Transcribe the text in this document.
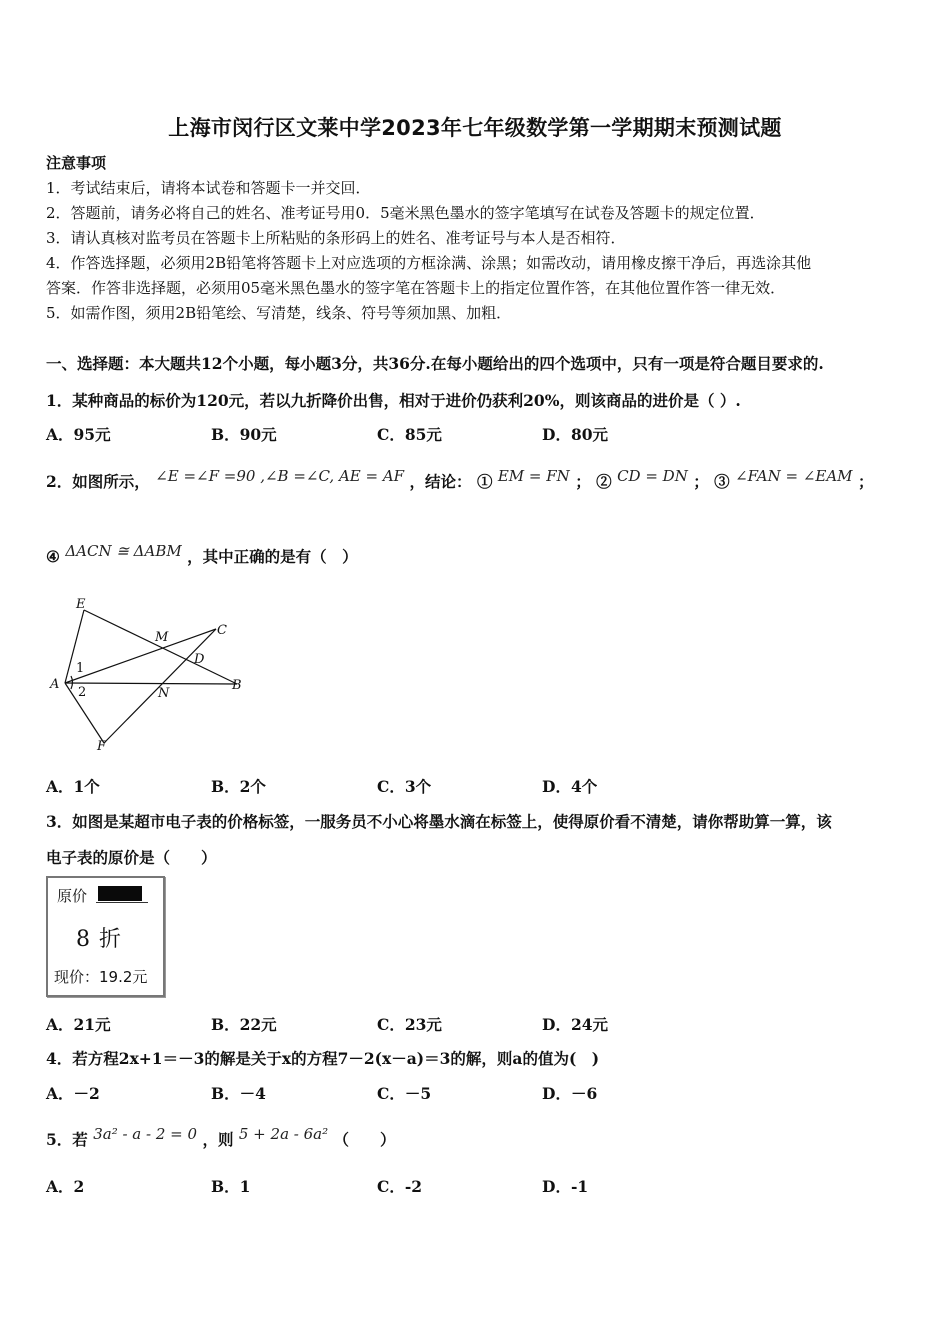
上海市闵行区文莱中学2023年七年级数学第一学期期末预测试题
注意事项
1．考试结束后，请将本试卷和答题卡一并交回．
2．答题前，请务必将自己的姓名、准考证号用0．5毫米黑色墨水的签字笔填写在试卷及答题卡的规定位置．
3．请认真核对监考员在答题卡上所粘贴的条形码上的姓名、准考证号与本人是否相符．
4．作答选择题，必须用2B铅笔将答题卡上对应选项的方框涂满、涂黑；如需改动，请用橡皮擦干净后，再选涂其他
答案．作答非选择题，必须用05毫米黑色墨水的签字笔在答题卡上的指定位置作答，在其他位置作答一律无效．
5．如需作图，须用2B铅笔绘、写清楚，线条、符号等须加黑、加粗．
一、选择题：本大题共12个小题，每小题3分，共36分.在每小题给出的四个选项中，只有一项是符合题目要求的.
1．某种商品的标价为120元，若以九折降价出售，相对于进价仍获利20%，则该商品的进价是（ ）.
A．95元	B．90元	C．85元	D．80元
2．如图所示， ∠E =∠F =90 ,∠B =∠C, AE = AF ，结论： ① EM = FN ； ② CD = DN ； ③ ∠FAN = ∠EAM ；
④ ΔACN ≅ ΔABM ，其中正确的是有（　）
E
M	C
D
1
A
2	N
B
F
A．1个	B．2个	C．3个	D．4个
3．如图是某超市电子表的价格标签，一服务员不小心将墨水滴在标签上，使得原价看不清楚，请你帮助算一算，该
电子表的原价是（　　）
原价
8 折
现价：19.2元
A．21元	B．22元	C．23元	D．24元
4．若方程2x+1＝－3的解是关于x的方程7－2(x－a)＝3的解，则a的值为(　)
A．－2	B．－4	C．－5	D．－6
5．若 3a² - a - 2 = 0 ，则 5 + 2a - 6a² （　　）
A．2	B．1	C．-2	D．-1
